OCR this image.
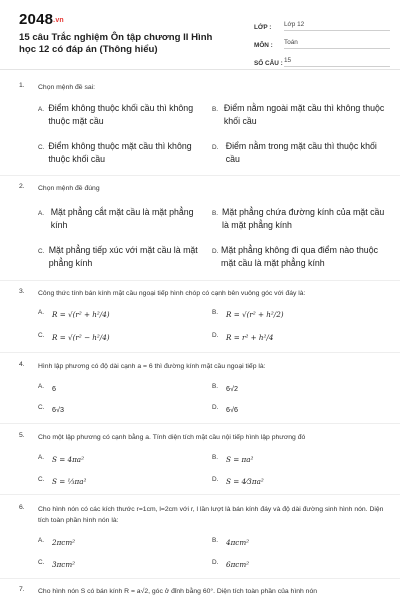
2048.vn
15 câu Trắc nghiệm Ôn tập chương II Hình học 12 có đáp án (Thông hiểu)
LỚP :	Lớp 12
MÔN :	Toán
SỐ CÂU : 15
1. Chọn mệnh đề sai:
A. Điểm không thuộc khối cầu thì không thuộc mặt cầu
B. Điểm nằm ngoài mặt cầu thì không thuộc khối cầu
C. Điểm không thuộc mặt cầu thì không thuộc khối cầu
D. Điểm nằm trong mặt cầu thì thuộc khối cầu
2. Chọn mệnh đề đúng
A. Mặt phẳng cắt mặt cầu là mặt phẳng kính
B. Mặt phẳng chứa đường kính của mặt cầu là mặt phẳng kính
C. Mặt phẳng tiếp xúc với mặt cầu là mặt phẳng kính
D. Mặt phẳng không đi qua điểm nào thuộc mặt cầu là mặt phẳng kính
3. Công thức tính bán kính mặt cầu ngoại tiếp hình chóp có cạnh bên vuông góc với đáy là:
A.	R = √(r² + h²/4)	B.	R = √(r² + h²/2)
C.	R = √(r² − h²/4)	D.	R = r² + h²/4
4. Hình lập phương có độ dài cạnh a = 6 thì đường kính mặt cầu ngoại tiếp là:
A.	6	B.	6√2
C.	6√3	D.	6√6
5. Cho một lập phương có cạnh bằng a. Tính diện tích mặt cầu nội tiếp hình lập phương đó
A.	S = 4πa²	B.	S = πa²
C.	S = ⅓πa²	D.	S = 4⁄3πa²
6. Cho hình nón có các kích thước r=1cm, l=2cm với r, l lần lượt là bán kính đáy và độ dài đường sinh hình nón. Diện tích toàn phần hình nón là:
A.	2πcm²	B.	4πcm²
C.	3πcm²	D.	6πcm²
7. Cho hình nón S có bán kính R = a√2, góc ở đỉnh bằng 60°. Diện tích toàn phần của hình nón
